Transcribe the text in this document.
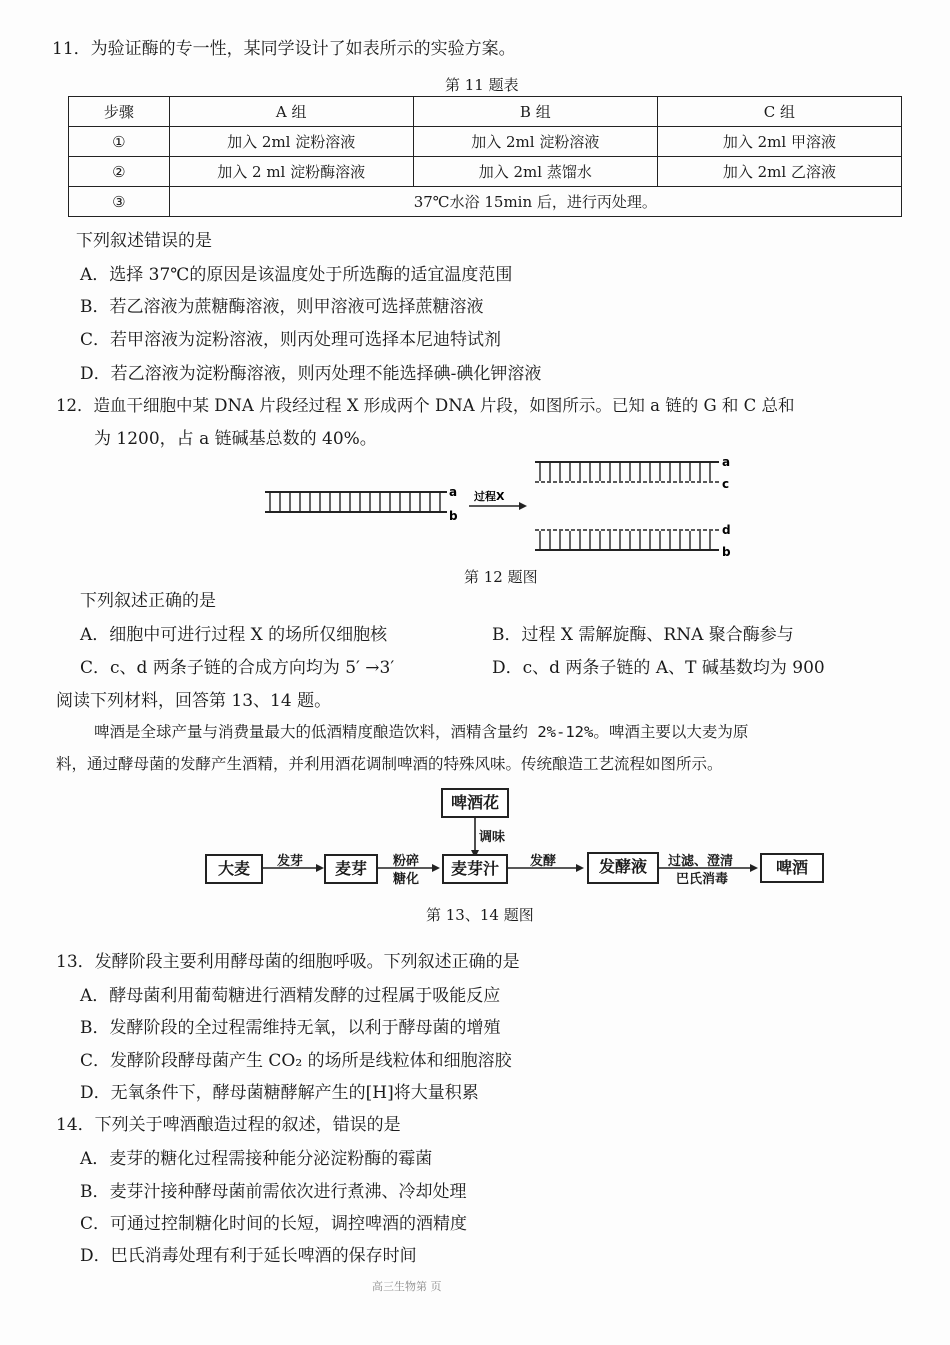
11．为验证酶的专一性，某同学设计了如表所示的实验方案。
第 11 题表
步骤	A 组	B 组	C 组
①	加入 2ml 淀粉溶液	加入 2ml 淀粉溶液	加入 2ml 甲溶液
②	加入 2 ml 淀粉酶溶液	加入 2ml 蒸馏水	加入 2ml 乙溶液
③	37℃水浴 15min 后，进行丙处理。		
下列叙述错误的是
A．选择 37℃的原因是该温度处于所选酶的适宜温度范围
B．若乙溶液为蔗糖酶溶液，则甲溶液可选择蔗糖溶液
C．若甲溶液为淀粉溶液，则丙处理可选择本尼迪特试剂
D．若乙溶液为淀粉酶溶液，则丙处理不能选择碘-碘化钾溶液
12．造血干细胞中某 DNA 片段经过程 X 形成两个 DNA 片段，如图所示。已知 a 链的 G 和 C 总和
为 1200，占 a 链碱基总数的 40%。
a
b
过程X
a
c
d
b
第 12 题图
下列叙述正确的是
A．细胞中可进行过程 X 的场所仅细胞核	B．过程 X 需解旋酶、RNA 聚合酶参与
C．c、d 两条子链的合成方向均为 5′ →3′	D．c、d 两条子链的 A、T 碱基数均为 900
阅读下列材料，回答第 13、14 题。
啤酒是全球产量与消费量最大的低酒精度酿造饮料，酒精含量约 2%-12%。啤酒主要以大麦为原
料，通过酵母菌的发酵产生酒精，并利用酒花调制啤酒的特殊风味。传统酿造工艺流程如图所示。
啤酒花
调味
大麦	发芽	麦芽	粉碎
糖化
麦芽汁	发酵	发酵液	过滤、澄清
巴氏消毒
啤酒
第 13、14 题图
13．发酵阶段主要利用酵母菌的细胞呼吸。下列叙述正确的是
A．酵母菌利用葡萄糖进行酒精发酵的过程属于吸能反应
B．发酵阶段的全过程需维持无氧，以利于酵母菌的增殖
C．发酵阶段酵母菌产生 CO₂ 的场所是线粒体和细胞溶胶
D．无氧条件下，酵母菌糖酵解产生的[H]将大量积累
14．下列关于啤酒酿造过程的叙述，错误的是
A．麦芽的糖化过程需接种能分泌淀粉酶的霉菌
B．麦芽汁接种酵母菌前需依次进行煮沸、冷却处理
C．可通过控制糖化时间的长短，调控啤酒的酒精度
D．巴氏消毒处理有利于延长啤酒的保存时间
高三生物第 页
